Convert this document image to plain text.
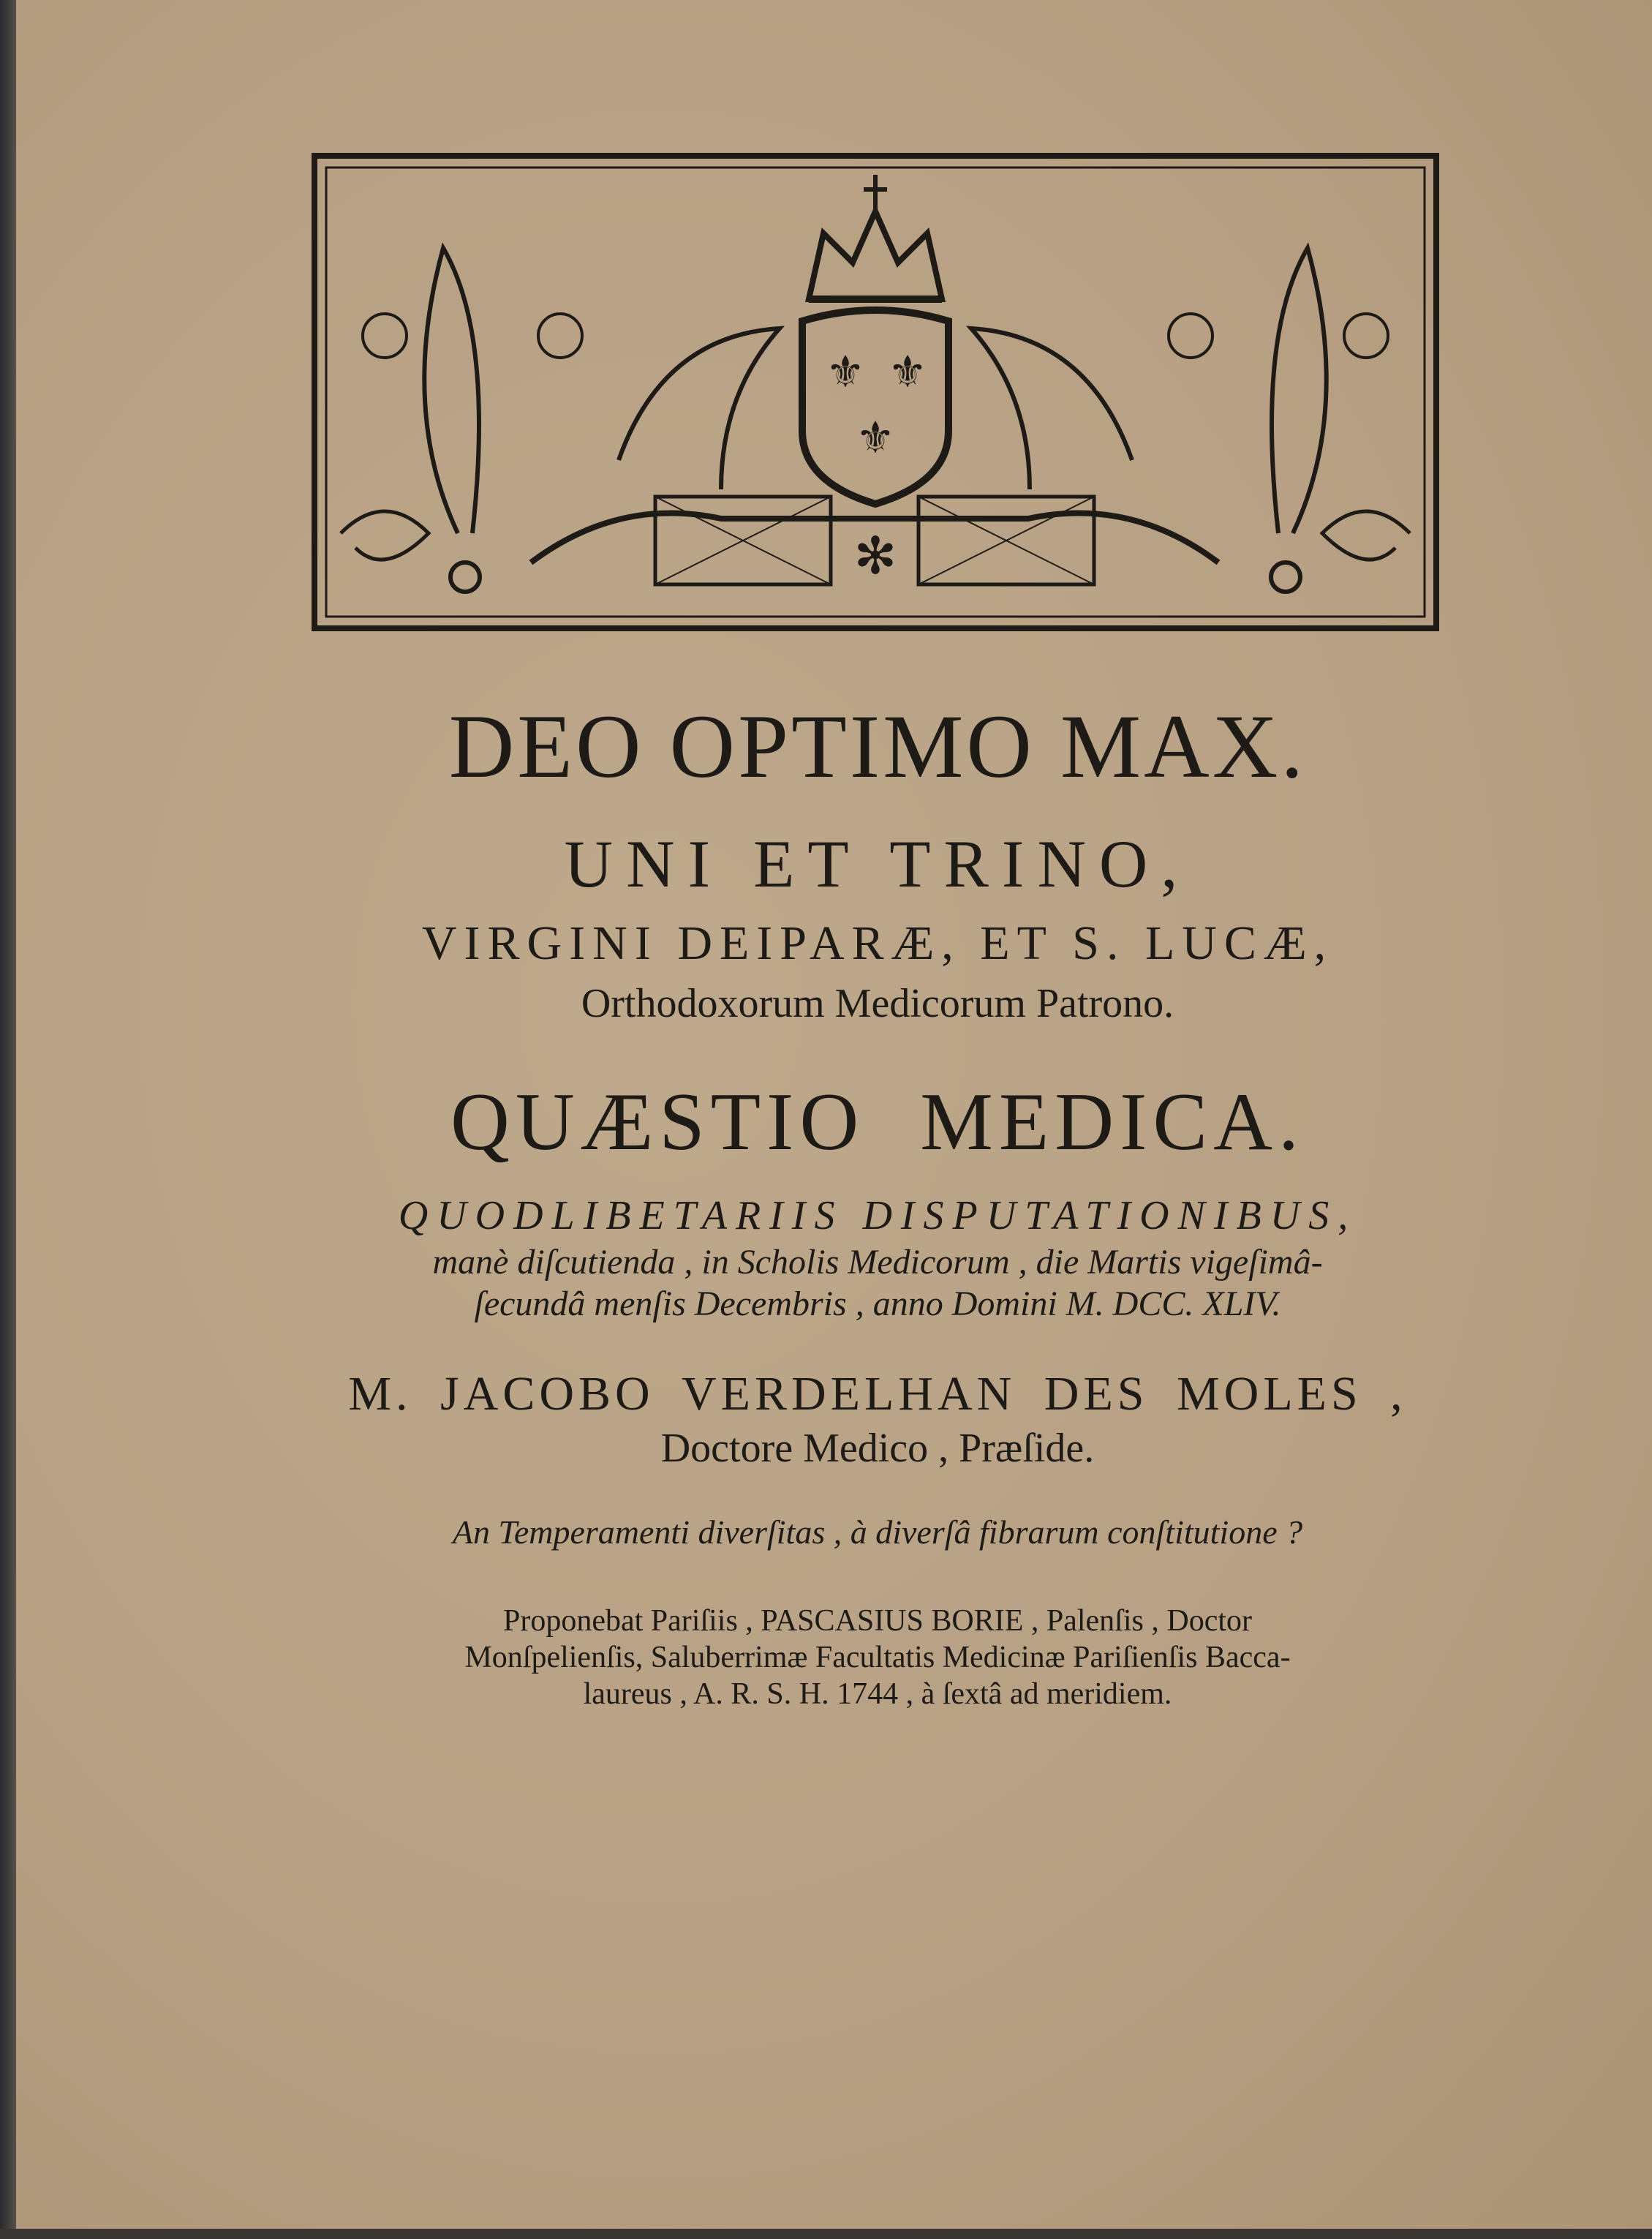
⚜ ⚜
⚜
✻
DEO OPTIMO MAX.
UNI ET TRINO,
VIRGINI DEIPARÆ, ET S. LUCÆ,
Orthodoxorum Medicorum Patrono.
QUÆSTIO MEDICA.
QUODLIBETARIIS DISPUTATIONIBUS,
manè diſcutienda , in Scholis Medicorum , die Martis vigeſimâ-
ſecundâ menſis Decembris , anno Domini M. DCC. XLIV.
M. JACOBO VERDELHAN DES MOLES ,
Doctore Medico , Præſide.
An Temperamenti diverſitas , à diverſâ fibrarum conſtitutione ?
Proponebat Pariſiis , PASCASIUS BORIE , Palenſis , Doctor
Monſpelienſis, Saluberrimæ Facultatis Medicinæ Pariſienſis Bacca-
laureus , A. R. S. H. 1744 , à ſextâ ad meridiem.
